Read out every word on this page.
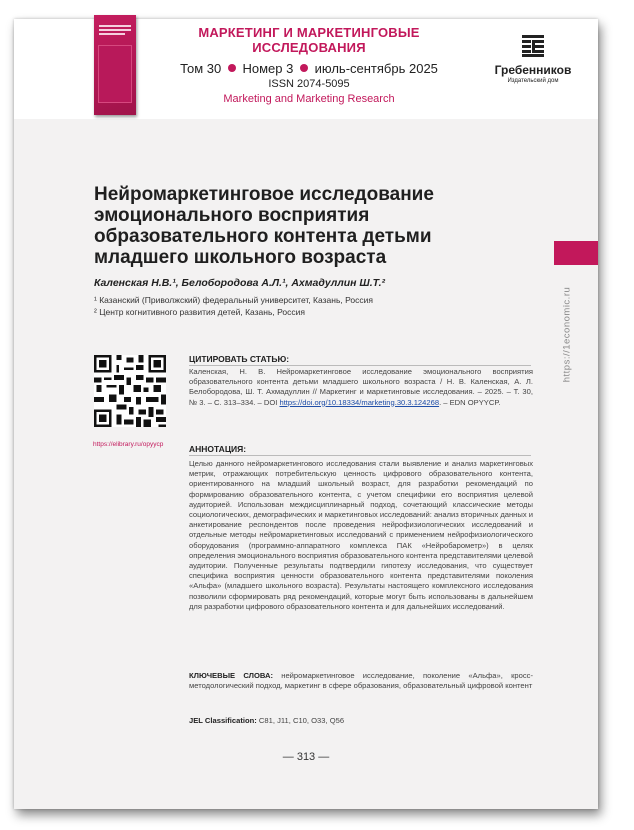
МАРКЕТИНГ И МАРКЕТИНГОВЫЕ ИССЛЕДОВАНИЯ
Том 30 Номер 3 июль-сентябрь 2025
ISSN 2074-5095
Marketing and Marketing Research
Гребенников
Издательский дом
https://1economic.ru
Нейромаркетинговое исследование эмоционального восприятия образовательного контента детьми младшего школьного возраста

Каленская Н.В.¹, Белобородова А.Л.¹, Ахмадуллин Ш.Т.²

¹ Казанский (Приволжский) федеральный университет, Казань, Россия

² Центр когнитивного развития детей, Казань, Россия

https://elibrary.ru/opyycp
ЦИТИРОВАТЬ СТАТЬЮ:

Каленская, Н. В. Нейромаркетинговое исследование эмоционального восприятия образовательного контента детьми младшего школьного возраста / Н. В. Каленская, А. Л. Белобородова, Ш. Т. Ахмадуллин // Маркетинг и маркетинговые исследования. – 2025. – Т. 30, № 3. – С. 313–334. – DOI https://doi.org/10.18334/marketing.30.3.124268. – EDN OPYYCP.

АННОТАЦИЯ:

Целью данного нейромаркетингового исследования стали выявление и анализ маркетинговых метрик, отражающих потребительскую ценность цифрового образовательного контента, ориентированного на младший школьный возраст, для разработки рекомендаций по формированию образовательного контента, с учетом специфики его восприятия целевой аудиторией. Использован междисциплинарный подход, сочетающий классические методы социологических, демографических и маркетинговых исследований: анализ вторичных данных и анкетирование респондентов после проведения нейрофизиологических исследований и отдельные методы нейромаркетинговых исследований с применением нейрофизиологического оборудования (программно-аппаратного комплекса ПАК «Нейробарометр») в целях определения эмоционального восприятия образовательного контента представителями целевой аудитории. Полученные результаты подтвердили гипотезу исследования, что существует специфика восприятия ценности образовательного контента представителями поколения «Альфа» (младшего школьного возраста). Результаты настоящего комплексного исследования позволили сформировать ряд рекомендаций, которые могут быть использованы в дальнейшем для разработки цифрового образовательного контента и для дальнейших исследований.

КЛЮЧЕВЫЕ СЛОВА: нейромаркетинговое исследование, поколение «Альфа», кросс-методологический подход, маркетинг в сфере образования, образовательный цифровой контент

JEL Classification: C81, J11, C10, O33, Q56

— 313 —
